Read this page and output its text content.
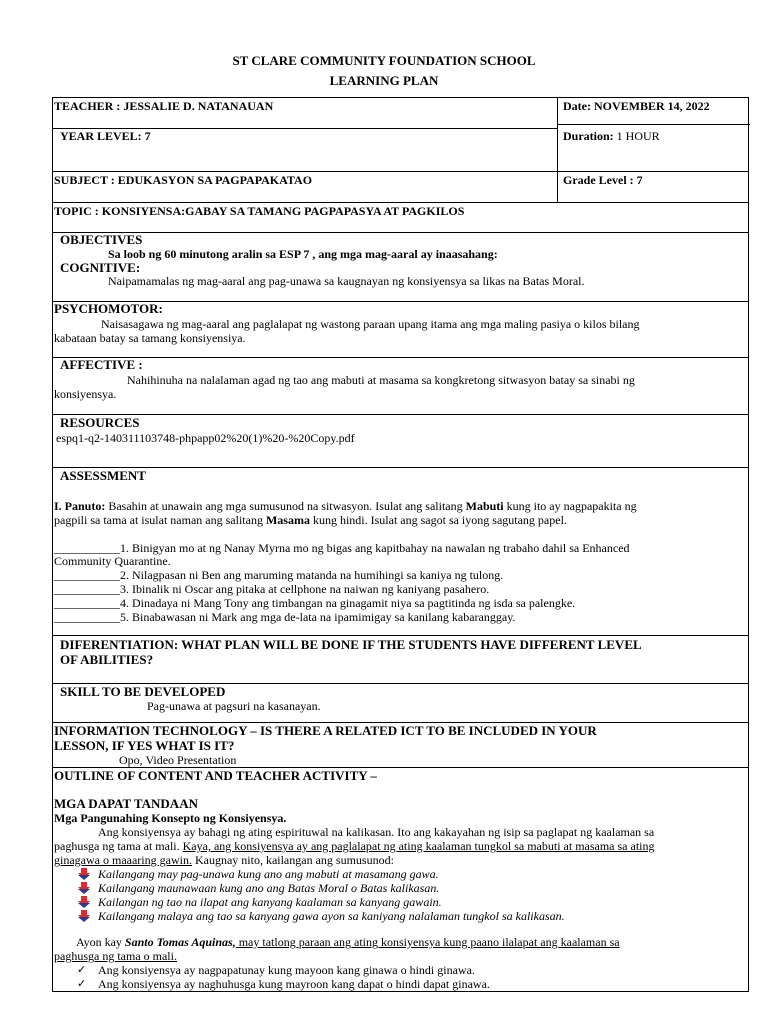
ST CLARE COMMUNITY FOUNDATION SCHOOL
LEARNING PLAN
TEACHER : JESSALIE D. NATANAUAN	Date: NOVEMBER 14, 2022
YEAR LEVEL: 7	Duration: 1 HOUR
SUBJECT : EDUKASYON SA PAGPAPAKATAO	Grade Level : 7
TOPIC : KONSIYENSA:GABAY SA TAMANG PAGPAPASYA AT PAGKILOS
OBJECTIVES
Sa loob ng 60 minutong aralin sa ESP 7 , ang mga mag-aaral ay inaasahang:
COGNITIVE:
Naipamamalas ng mag-aaral ang pag-unawa sa kaugnayan ng konsiyensya sa likas na Batas Moral.
PSYCHOMOTOR:
Naisasagawa ng mag-aaral ang paglalapat ng wastong paraan upang itama ang mga maling pasiya o kilos bilang
kabataan batay sa tamang konsiyensiya.
AFFECTIVE :
Nahihinuha na nalalaman agad ng tao ang mabuti at masama sa kongkretong sitwasyon batay sa sinabi ng
konsiyensya.
RESOURCES
espq1-q2-140311103748-phpapp02%20(1)%20-%20Copy.pdf
ASSESSMENT
I. Panuto: Basahin at unawain ang mga sumusunod na sitwasyon. Isulat ang salitang Mabuti kung ito ay nagpapakita ng
pagpili sa tama at isulat naman ang salitang Masama kung hindi. Isulat ang sagot sa iyong sagutang papel.
___________1. Binigyan mo at ng Nanay Myrna mo ng bigas ang kapitbahay na nawalan ng trabaho dahil sa Enhanced
Community Quarantine.
___________2. Nilagpasan ni Ben ang maruming matanda na humihingi sa kaniya ng tulong.
___________3. Ibinalik ni Oscar ang pitaka at cellphone na naiwan ng kaniyang pasahero.
___________4. Dinadaya ni Mang Tony ang timbangan na ginagamit niya sa pagtitinda ng isda sa palengke.
___________5. Binabawasan ni Mark ang mga de-lata na ipamimigay sa kanilang kabaranggay.
DIFERENTIATION: WHAT PLAN WILL BE DONE IF THE STUDENTS HAVE DIFFERENT LEVEL
OF ABILITIES?
SKILL TO BE DEVELOPED
Pag-unawa at pagsuri na kasanayan.
INFORMATION TECHNOLOGY – IS THERE A RELATED ICT TO BE INCLUDED IN YOUR
LESSON, IF YES WHAT IS IT?
Opo, Video Presentation
OUTLINE OF CONTENT AND TEACHER ACTIVITY –
MGA DAPAT TANDAAN
Mga Pangunahing Konsepto ng Konsiyensya.
Ang konsiyensya ay bahagi ng ating espirituwal na kalikasan. Ito ang kakayahan ng isip sa paglapat ng kaalaman sa
paghusga ng tama at mali. Kaya, ang konsiyensya ay ang paglalapat ng ating kaalaman tungkol sa mabuti at masama sa ating
ginagawa o maaaring gawin. Kaugnay nito, kailangan ang sumusunod:
Kailangang may pag-unawa kung ano ang mabuti at masamang gawa.
Kailangang maunawaan kung ano ang Batas Moral o Batas kalikasan.
Kailangan ng tao na ilapat ang kanyang kaalaman sa kanyang gawain.
Kailangang malaya ang tao sa kanyang gawa ayon sa kaniyang nalalaman tungkol sa kalikasan.
Ayon kay Santo Tomas Aquinas, may tatlong paraan ang ating konsiyensya kung paano ilalapat ang kaalaman sa
paghusga ng tama o mali.
✓ Ang konsiyensya ay nagpapatunay kung mayoon kang ginawa o hindi ginawa.
✓ Ang konsiyensya ay naghuhusga kung mayroon kang dapat o hindi dapat ginawa.
